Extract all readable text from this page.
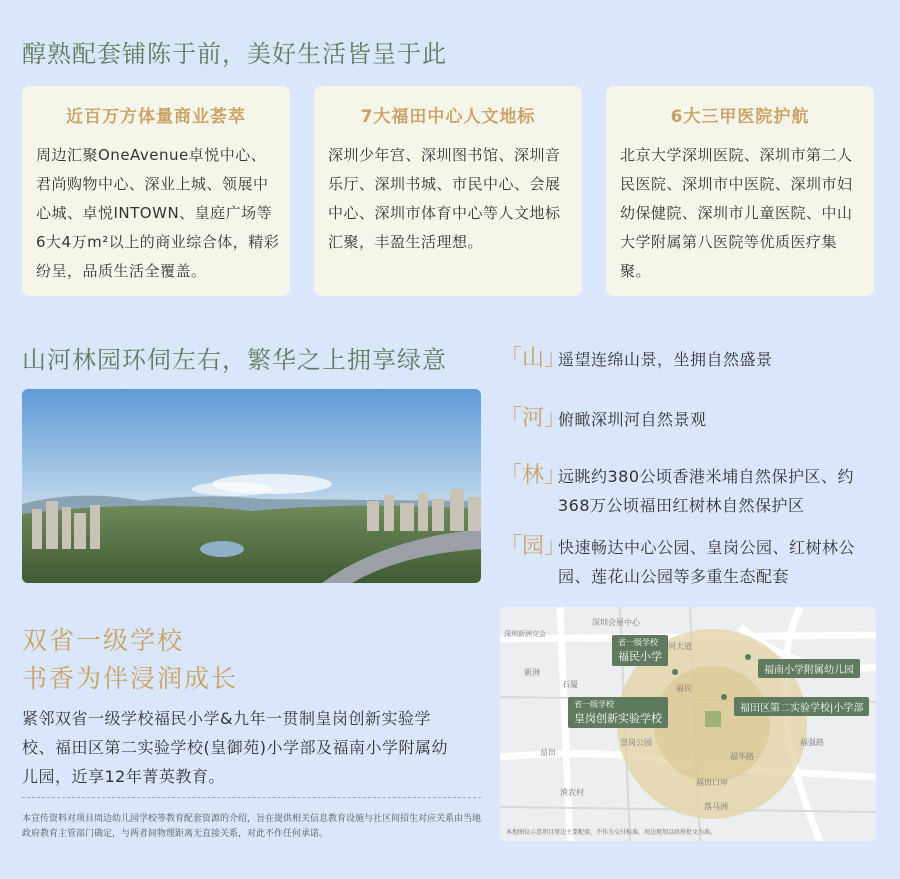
醇熟配套铺陈于前，美好生活皆呈于此
近百万方体量商业荟萃
周边汇聚OneAvenue卓悦中心、君尚购物中心、深业上城、领展中心城、卓悦INTOWN、皇庭广场等6大4万m²以上的商业综合体，精彩纷呈，品质生活全覆盖。
7大福田中心人文地标
深圳少年宫、深圳图书馆、深圳音乐厅、深圳书城、市民中心、会展中心、深圳市体育中心等人文地标汇聚，丰盈生活理想。
6大三甲医院护航
北京大学深圳医院、深圳市第二人民医院、深圳市中医院、深圳市妇幼保健院、深圳市儿童医院、中山大学附属第八医院等优质医疗集聚。
山河林园环伺左右，繁华之上拥享绿意 「山」
遥望连绵山景，坐拥自然盛景
「河」
俯瞰深圳河自然景观
「林」
远眺约380公顷香港米埔自然保护区、约368万公顷福田红树林自然保护区
「园」
快速畅达中心公园、皇岗公园、红树林公园、莲花山公园等多重生态配套
双省一级学校
书香为伴浸润成长
紧邻双省一级学校福民小学&九年一贯制皇岗创新实验学校、福田区第二实验学校(皇御苑)小学部及福南小学附属幼儿园，近享12年菁英教育。
本宣传资料对项目周边幼儿园学校等教育配套资源的介绍，旨在提供相关信息教育设施与社区间招生对应关系由当地政府教育主管部门确定，与两者间物理距离无直接关系，对此不作任何承诺。
省一级学校
福民小学
省一级学校
皇岗创新实验学校
福南小学附属幼儿园
福田区第二实验学校|小学部
深圳会展中心
滨河大道
深圳新洲交会
皇岗公园
福民
福田口岸
福华路
石厦
新洲
福强路
益田
渔农村
落马洲
本地图仅示意项目周边主要配套，不作为交付标准，周边规划以政府批文为准。
